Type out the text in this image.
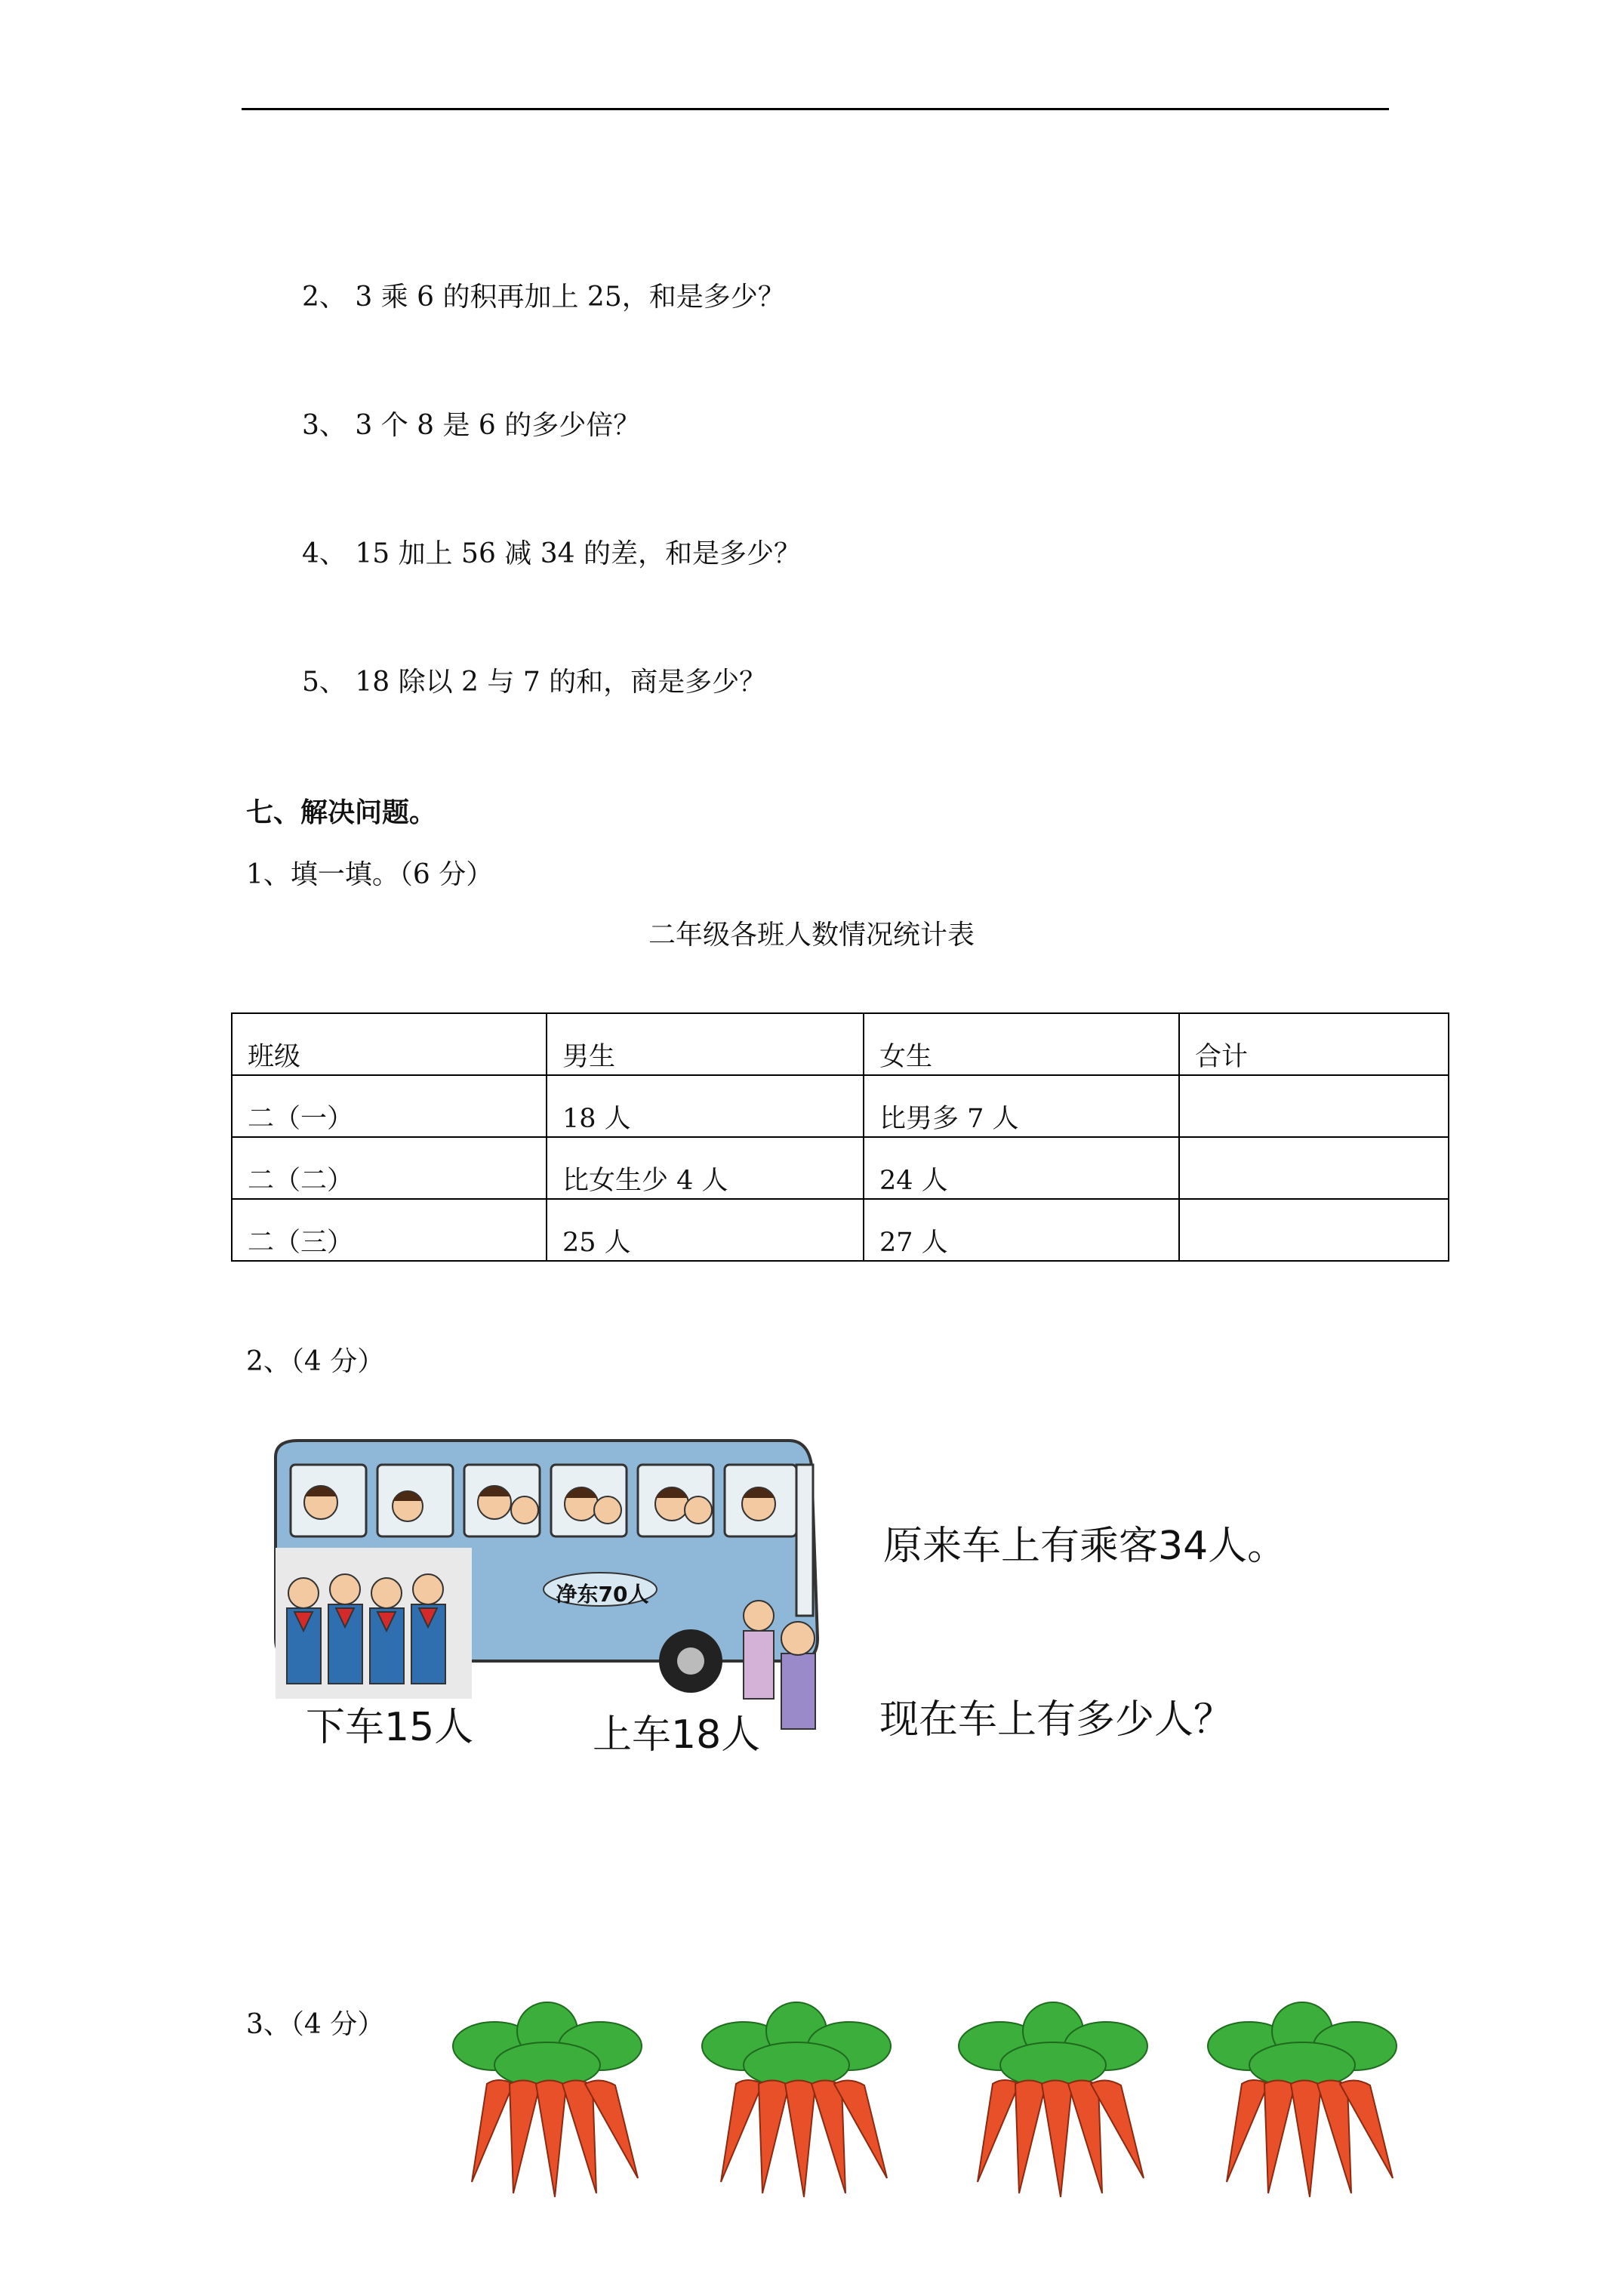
2、 3 乘 6 的积再加上 25，和是多少？
3、 3 个 8 是 6 的多少倍？
4、 15 加上 56 减 34 的差，和是多少？
5、 18 除以 2 与 7 的和，商是多少？
七、解决问题。
1、填一填。（6 分）
二年级各班人数情况统计表
班级	男生	女生	合计
二（一）	18 人	比男多 7 人	
二（二）	比女生少 4 人	24 人	
二（三）	25 人	27 人	
2、（4 分）
原来车上有乘客34人。
现在车上有多少人？
下车15人	上车18人
净东70人
3、（4 分）
